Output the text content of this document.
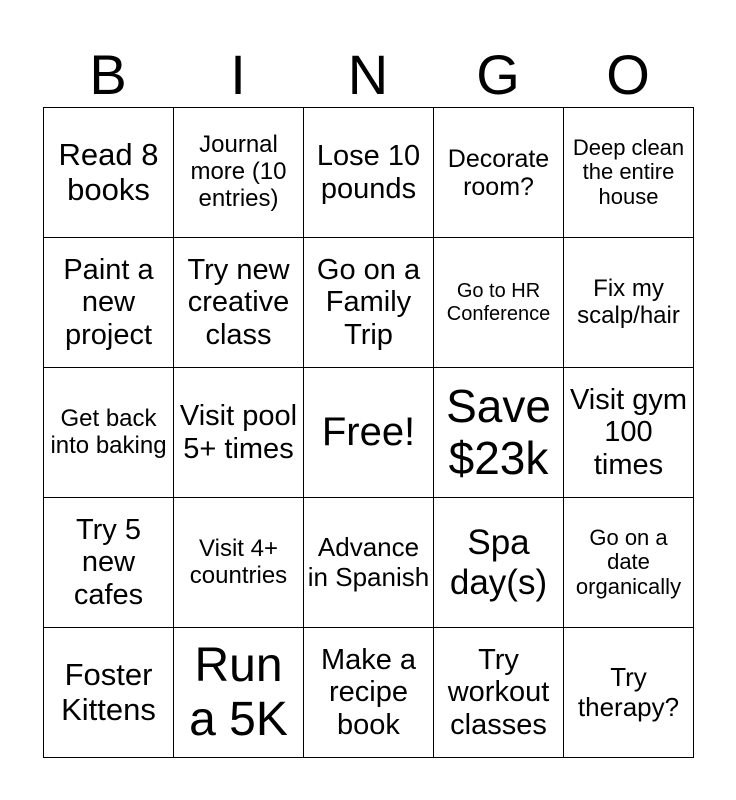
B	I	N	G	O
Read 8 books	Journal more (10 entries)	Lose 10 pounds	Decorate room?	Deep clean the entire house
Paint a new project	Try new creative class	Go on a Family Trip	Go to HR Conference	Fix my scalp/hair
Get back into baking	Visit pool 5+ times	Free!	Save $23k	Visit gym 100 times
Try 5 new cafes	Visit 4+ countries	Advance in Spanish	Spa day(s)	Go on a date organically
Foster Kittens	Run a 5K	Make a recipe book	Try workout classes	Try therapy?
